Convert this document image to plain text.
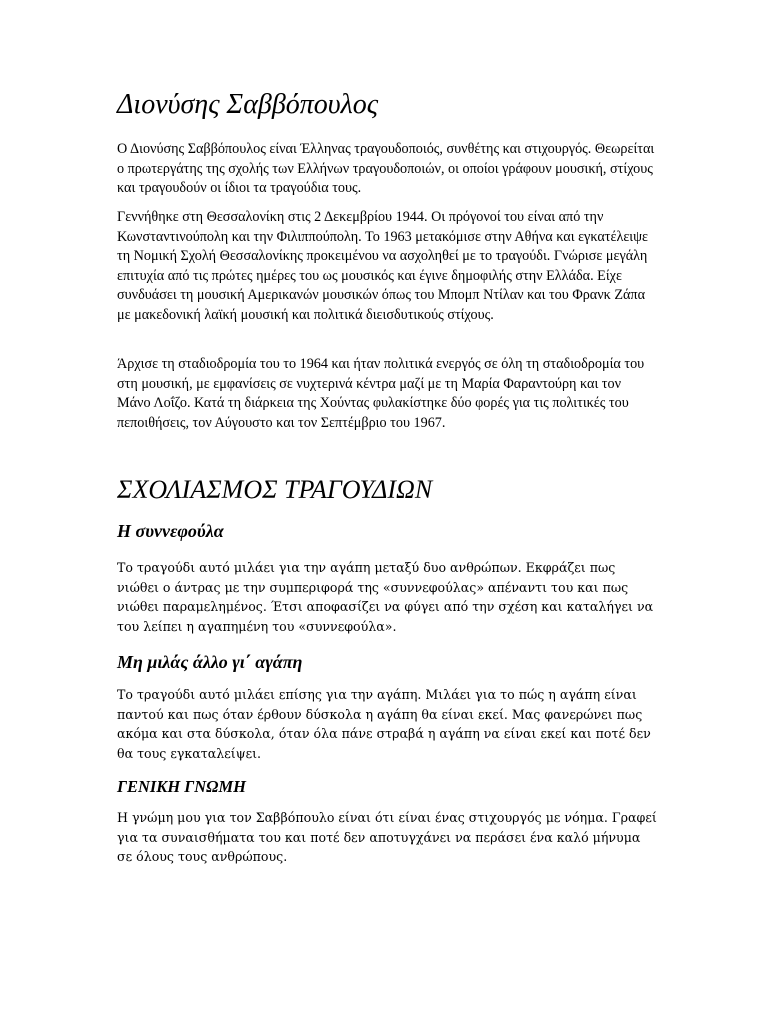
Διονύσης Σαββόπουλος

Ο Διονύσης Σαββόπουλος είναι Έλληνας τραγουδοποιός, συνθέτης και στιχουργός. Θεωρείται ο πρωτεργάτης της σχολής των Ελλήνων τραγουδοποιών, οι οποίοι γράφουν μουσική, στίχους και τραγουδούν οι ίδιοι τα τραγούδια τους.

Γεννήθηκε στη Θεσσαλονίκη στις 2 Δεκεμβρίου 1944. Οι πρόγονοί του είναι από την Κωνσταντινούπολη και την Φιλιππούπολη. Το 1963 μετακόμισε στην Αθήνα και εγκατέλειψε τη Νομική Σχολή Θεσσαλονίκης προκειμένου να ασχοληθεί με το τραγούδι. Γνώρισε μεγάλη επιτυχία από τις πρώτες ημέρες του ως μουσικός και έγινε δημοφιλής στην Ελλάδα. Είχε συνδυάσει τη μουσική Αμερικανών μουσικών όπως του Μπομπ Ντίλαν και του Φρανκ Ζάπα με μακεδονική λαϊκή μουσική και πολιτικά διεισδυτικούς στίχους.

Άρχισε τη σταδιοδρομία του το 1964 και ήταν πολιτικά ενεργός σε όλη τη σταδιοδρομία του στη μουσική, με εμφανίσεις σε νυχτερινά κέντρα μαζί με τη Μαρία Φαραντούρη και τον Μάνο Λοΐζο. Κατά τη διάρκεια της Χούντας φυλακίστηκε δύο φορές για τις πολιτικές του πεποιθήσεις, τον Αύγουστο και τον Σεπτέμβριο του 1967.

ΣΧΟΛΙΑΣΜΟΣ ΤΡΑΓΟΥΔΙΩΝ
Η συννεφούλα

Το τραγούδι αυτό μιλάει για την αγάπη μεταξύ δυο ανθρώπων. Εκφράζει πως νιώθει ο άντρας με την συμπεριφορά της «συννεφούλας» απέναντι του και πως νιώθει παραμελημένος. Έτσι αποφασίζει να φύγει από την σχέση και καταλήγει να του λείπει η αγαπημένη του «συννεφούλα».

Μη μιλάς άλλο γι΄ αγάπη

Το τραγούδι αυτό μιλάει επίσης για την αγάπη. Μιλάει για το πώς η αγάπη είναι παντού και πως όταν έρθουν δύσκολα η αγάπη θα είναι εκεί. Μας φανερώνει πως ακόμα και στα δύσκολα, όταν όλα πάνε στραβά η αγάπη να είναι εκεί και ποτέ δεν θα τους εγκαταλείψει.

ΓΕΝΙΚΗ ΓΝΩΜΗ

Η γνώμη μου για τον Σαββόπουλο είναι ότι είναι ένας στιχουργός με νόημα. Γραφεί για τα συναισθήματα του και ποτέ δεν αποτυγχάνει να περάσει ένα καλό μήνυμα σε όλους τους ανθρώπους.
